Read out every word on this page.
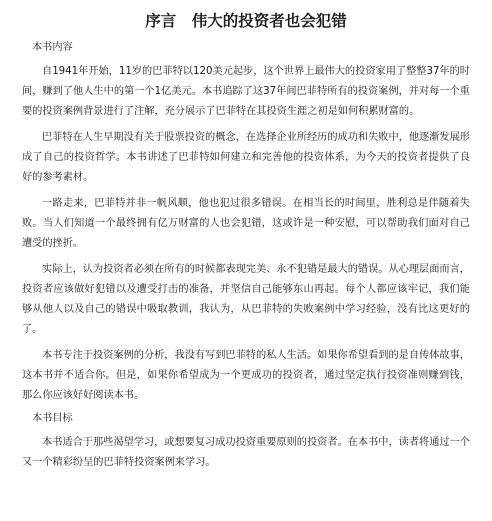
序言　伟大的投资者也会犯错
本书内容

自1941年开始，11岁的巴菲特以120美元起步，这个世界上最伟大的投资家用了整整37年的时间，赚到了他人生中的第一个1亿美元。本书追踪了这37年间巴菲特所有的投资案例，并对每一个重要的投资案例背景进行了注解，充分展示了巴菲特在其投资生涯之初是如何积累财富的。

巴菲特在人生早期没有关于股票投资的概念，在选择企业所经历的成功和失败中，他逐渐发展形成了自己的投资哲学。本书讲述了巴菲特如何建立和完善他的投资体系，为今天的投资者提供了良好的参考素材。

一路走来，巴菲特并非一帆风顺，他也犯过很多错误。在相当长的时间里，胜利总是伴随着失败。当人们知道一个最终拥有亿万财富的人也会犯错，这或许是一种安慰，可以帮助我们面对自己遭受的挫折。

实际上，认为投资者必须在所有的时候都表现完美、永不犯错是最大的错误。从心理层面而言，投资者应该做好犯错以及遭受打击的准备，并坚信自己能够东山再起。每个人都应该牢记，我们能够从他人以及自己的错误中吸取教训，我认为，从巴菲特的失败案例中学习经验，没有比这更好的了。

本书专注于投资案例的分析，我没有写到巴菲特的私人生活。如果你希望看到的是自传体故事，这本书并不适合你。但是，如果你希望成为一个更成功的投资者，通过坚定执行投资准则赚到钱，那么你应该好好阅读本书。

本书目标

本书适合于那些渴望学习，或想要复习成功投资重要原则的投资者。在本书中，读者将通过一个又一个精彩纷呈的巴菲特投资案例来学习。
